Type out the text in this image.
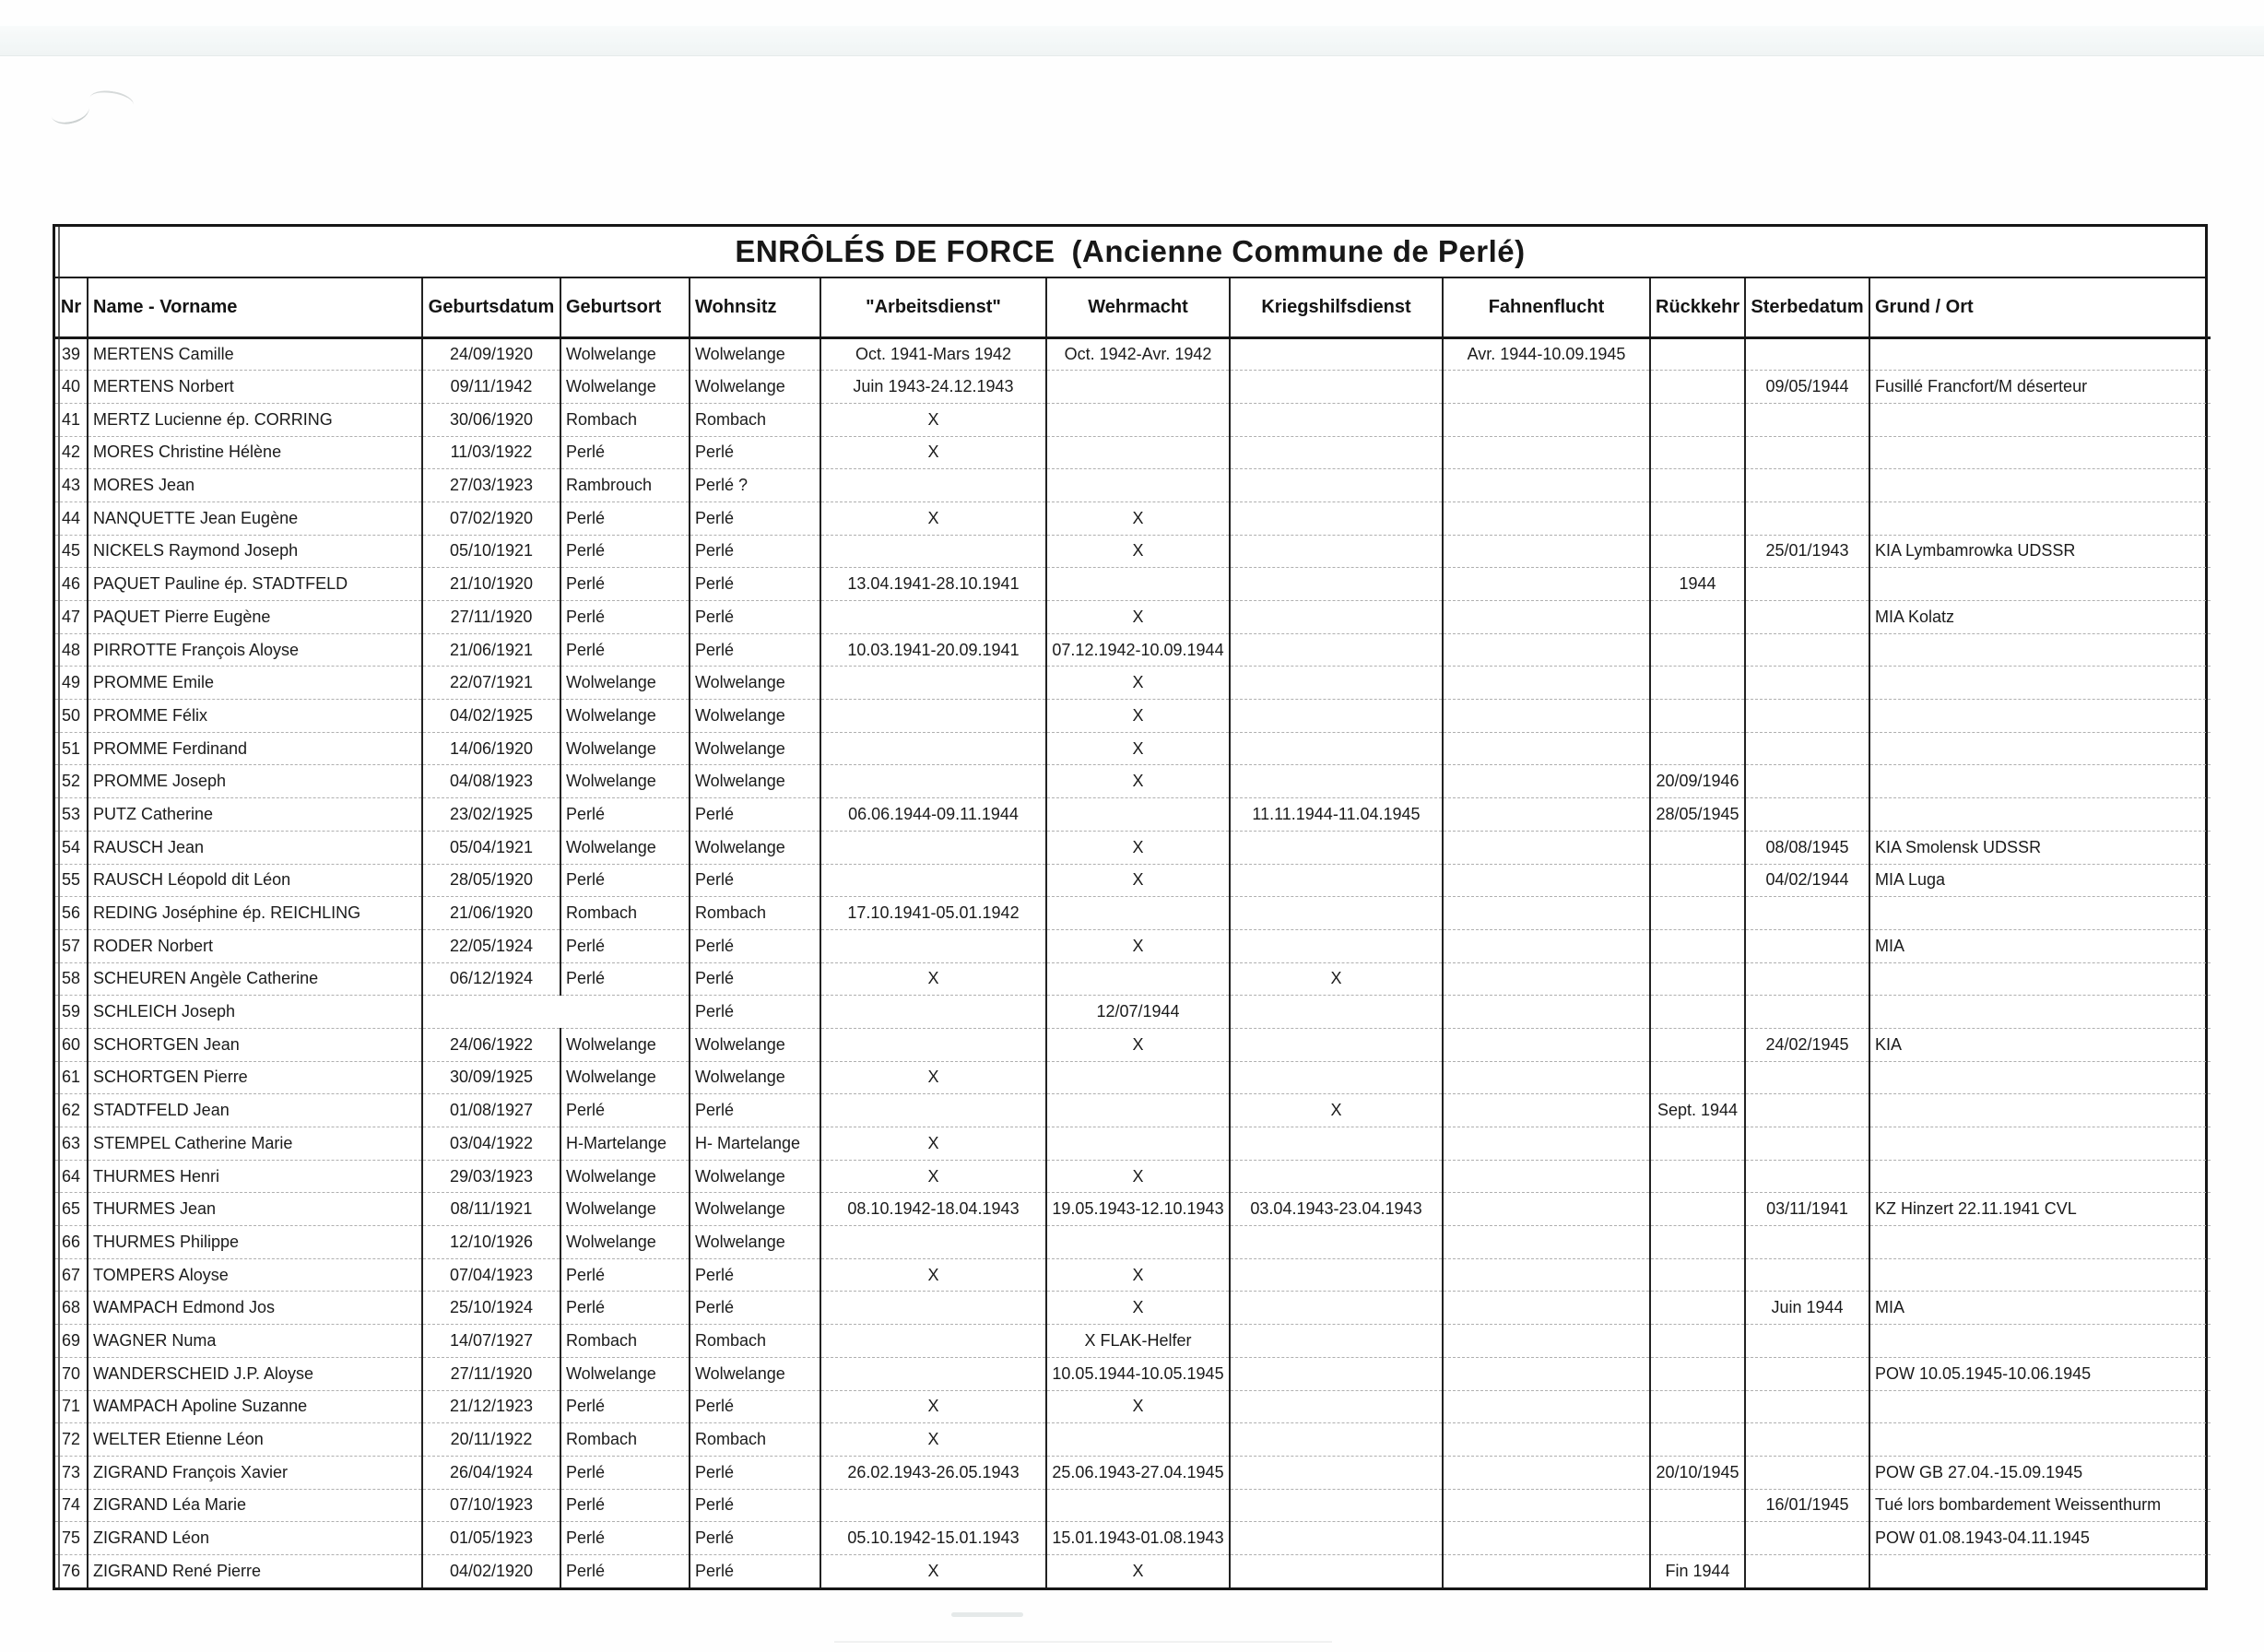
ENRÔLÉS DE FORCE (Ancienne Commune de Perlé)
Nr	Name - Vorname	Geburtsdatum	Geburtsort	Wohnsitz	"Arbeitsdienst"	Wehrmacht	Kriegshilfsdienst	Fahnenflucht	Rückkehr	Sterbedatum	Grund / Ort
39	MERTENS Camille	24/09/1920	Wolwelange	Wolwelange	Oct. 1941-Mars 1942	Oct. 1942-Avr. 1942		Avr. 1944-10.09.1945			
40	MERTENS Norbert	09/11/1942	Wolwelange	Wolwelange	Juin 1943-24.12.1943					09/05/1944	Fusillé Francfort/M déserteur
41	MERTZ Lucienne ép. CORRING	30/06/1920	Rombach	Rombach	X						
42	MORES Christine Hélène	11/03/1922	Perlé	Perlé	X						
43	MORES Jean	27/03/1923	Rambrouch	Perlé ?							
44	NANQUETTE Jean Eugène	07/02/1920	Perlé	Perlé	X	X					
45	NICKELS Raymond Joseph	05/10/1921	Perlé	Perlé		X				25/01/1943	KIA Lymbamrowka UDSSR
46	PAQUET Pauline ép. STADTFELD	21/10/1920	Perlé	Perlé	13.04.1941-28.10.1941				1944		
47	PAQUET Pierre Eugène	27/11/1920	Perlé	Perlé		X					MIA Kolatz
48	PIRROTTE François Aloyse	21/06/1921	Perlé	Perlé	10.03.1941-20.09.1941	07.12.1942-10.09.1944					
49	PROMME Emile	22/07/1921	Wolwelange	Wolwelange		X					
50	PROMME Félix	04/02/1925	Wolwelange	Wolwelange		X					
51	PROMME Ferdinand	14/06/1920	Wolwelange	Wolwelange		X					
52	PROMME Joseph	04/08/1923	Wolwelange	Wolwelange		X			20/09/1946		
53	PUTZ Catherine	23/02/1925	Perlé	Perlé	06.06.1944-09.11.1944		11.11.1944-11.04.1945		28/05/1945		
54	RAUSCH Jean	05/04/1921	Wolwelange	Wolwelange		X				08/08/1945	KIA Smolensk UDSSR
55	RAUSCH Léopold dit Léon	28/05/1920	Perlé	Perlé		X				04/02/1944	MIA Luga
56	REDING Joséphine ép. REICHLING	21/06/1920	Rombach	Rombach	17.10.1941-05.01.1942						
57	RODER Norbert	22/05/1924	Perlé	Perlé		X					MIA
58	SCHEUREN Angèle Catherine	06/12/1924	Perlé	Perlé	X		X				
59	SCHLEICH Joseph			Perlé		12/07/1944					
60	SCHORTGEN Jean	24/06/1922	Wolwelange	Wolwelange		X				24/02/1945	KIA
61	SCHORTGEN Pierre	30/09/1925	Wolwelange	Wolwelange	X						
62	STADTFELD Jean	01/08/1927	Perlé	Perlé			X		Sept. 1944		
63	STEMPEL Catherine Marie	03/04/1922	H-Martelange	H- Martelange	X						
64	THURMES Henri	29/03/1923	Wolwelange	Wolwelange	X	X					
65	THURMES Jean	08/11/1921	Wolwelange	Wolwelange	08.10.1942-18.04.1943	19.05.1943-12.10.1943	03.04.1943-23.04.1943			03/11/1941	KZ Hinzert 22.11.1941 CVL
66	THURMES Philippe	12/10/1926	Wolwelange	Wolwelange							
67	TOMPERS Aloyse	07/04/1923	Perlé	Perlé	X	X					
68	WAMPACH Edmond Jos	25/10/1924	Perlé	Perlé		X				Juin 1944	MIA
69	WAGNER Numa	14/07/1927	Rombach	Rombach		X FLAK-Helfer					
70	WANDERSCHEID J.P. Aloyse	27/11/1920	Wolwelange	Wolwelange		10.05.1944-10.05.1945					POW 10.05.1945-10.06.1945
71	WAMPACH Apoline Suzanne	21/12/1923	Perlé	Perlé	X	X					
72	WELTER Etienne Léon	20/11/1922	Rombach	Rombach	X						
73	ZIGRAND François Xavier	26/04/1924	Perlé	Perlé	26.02.1943-26.05.1943	25.06.1943-27.04.1945			20/10/1945		POW GB 27.04.-15.09.1945
74	ZIGRAND Léa Marie	07/10/1923	Perlé	Perlé						16/01/1945	Tué lors bombardement Weissenthurm
75	ZIGRAND Léon	01/05/1923	Perlé	Perlé	05.10.1942-15.01.1943	15.01.1943-01.08.1943					POW 01.08.1943-04.11.1945
76	ZIGRAND René Pierre	04/02/1920	Perlé	Perlé	X	X			Fin 1944		
